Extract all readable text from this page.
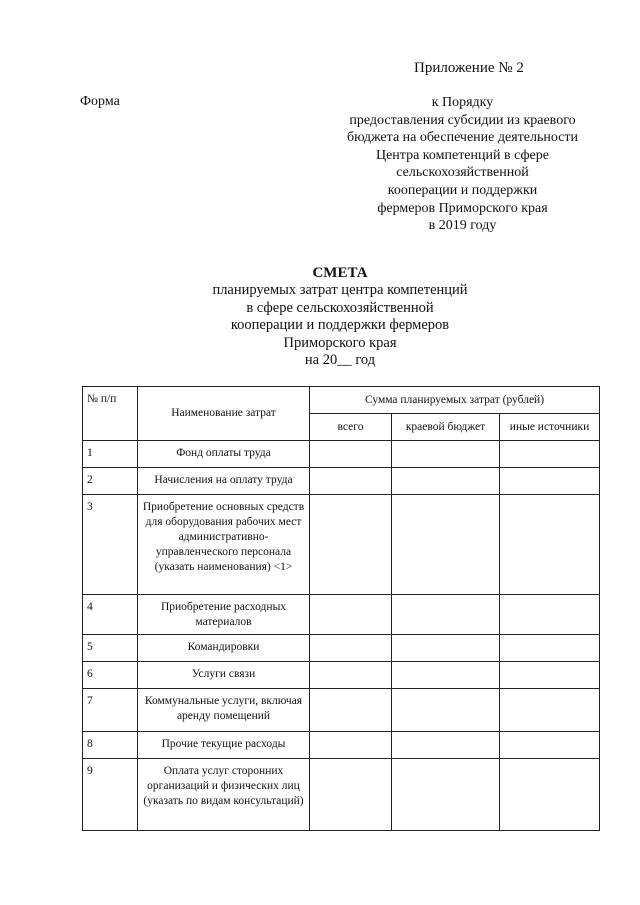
Приложение № 2
Форма	к Порядку
предоставления субсидии из краевого
бюджета на обеспечение деятельности
Центра компетенций в сфере
сельскохозяйственной
кооперации и поддержки
фермеров Приморского края
в 2019 году
СМЕТА
планируемых затрат центра компетенций
в сфере сельскохозяйственной
кооперации и поддержки фермеров
Приморского края
на 20__ год
№ п/п	Наименование затрат	Сумма планируемых затрат (рублей)		
		всего	краевой бюджет	иные источники
1	Фонд оплаты труда			
2	Начисления на оплату труда			
3	Приобретение основных средств для оборудования рабочих мест административно-управленческого персонала (указать наименования) <1>			
4	Приобретение расходных материалов			
5	Командировки			
6	Услуги связи			
7	Коммунальные услуги, включая аренду помещений			
8	Прочие текущие расходы			
9	Оплата услуг сторонних организаций и физических лиц (указать по видам консультаций)			
